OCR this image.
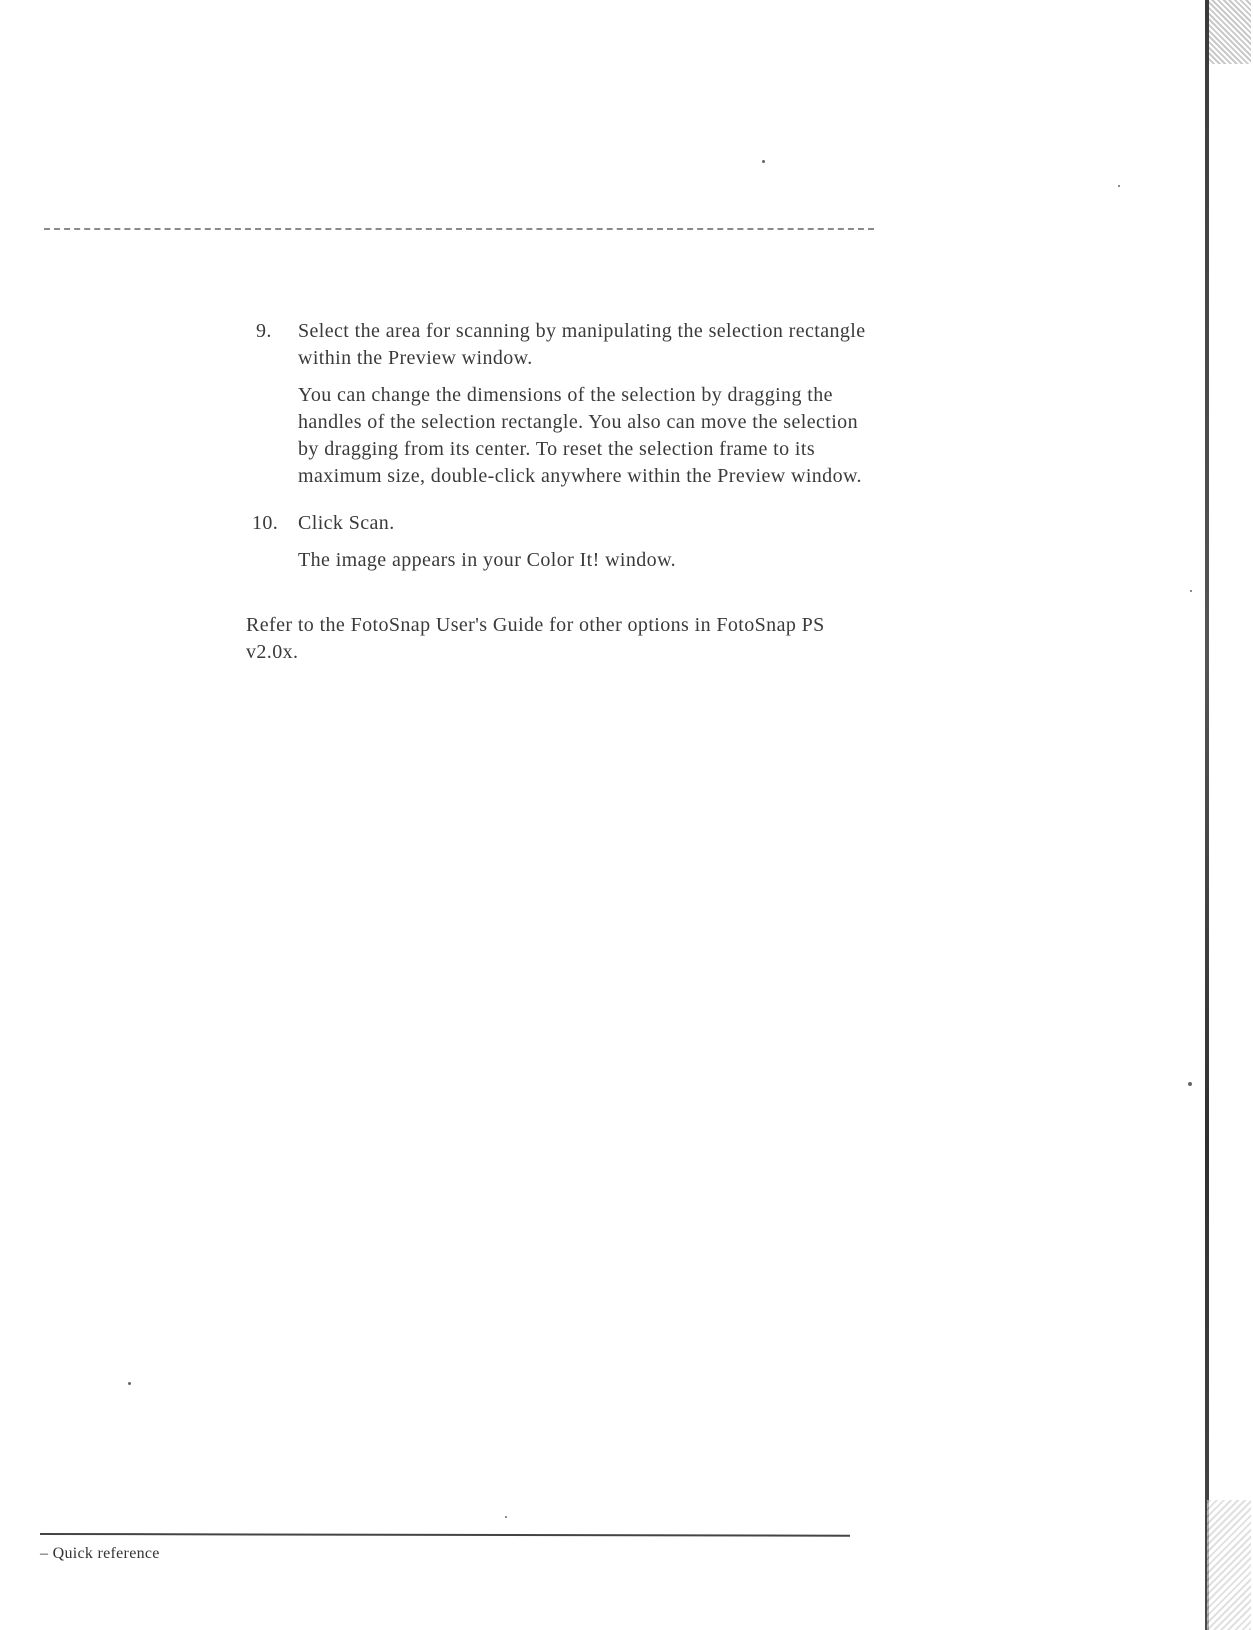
9.	Select the area for scanning by manipulating the selection rectangle within the Preview window.

You can change the dimensions of the selection by dragging the handles of the selection rectangle. You also can move the selection by dragging from its center. To reset the selection frame to its maximum size, double-click anywhere within the Preview window.

10. Click Scan.

The image appears in your Color It! window.

Refer to the FotoSnap User's Guide for other options in FotoSnap PS v2.0x.

– Quick reference
